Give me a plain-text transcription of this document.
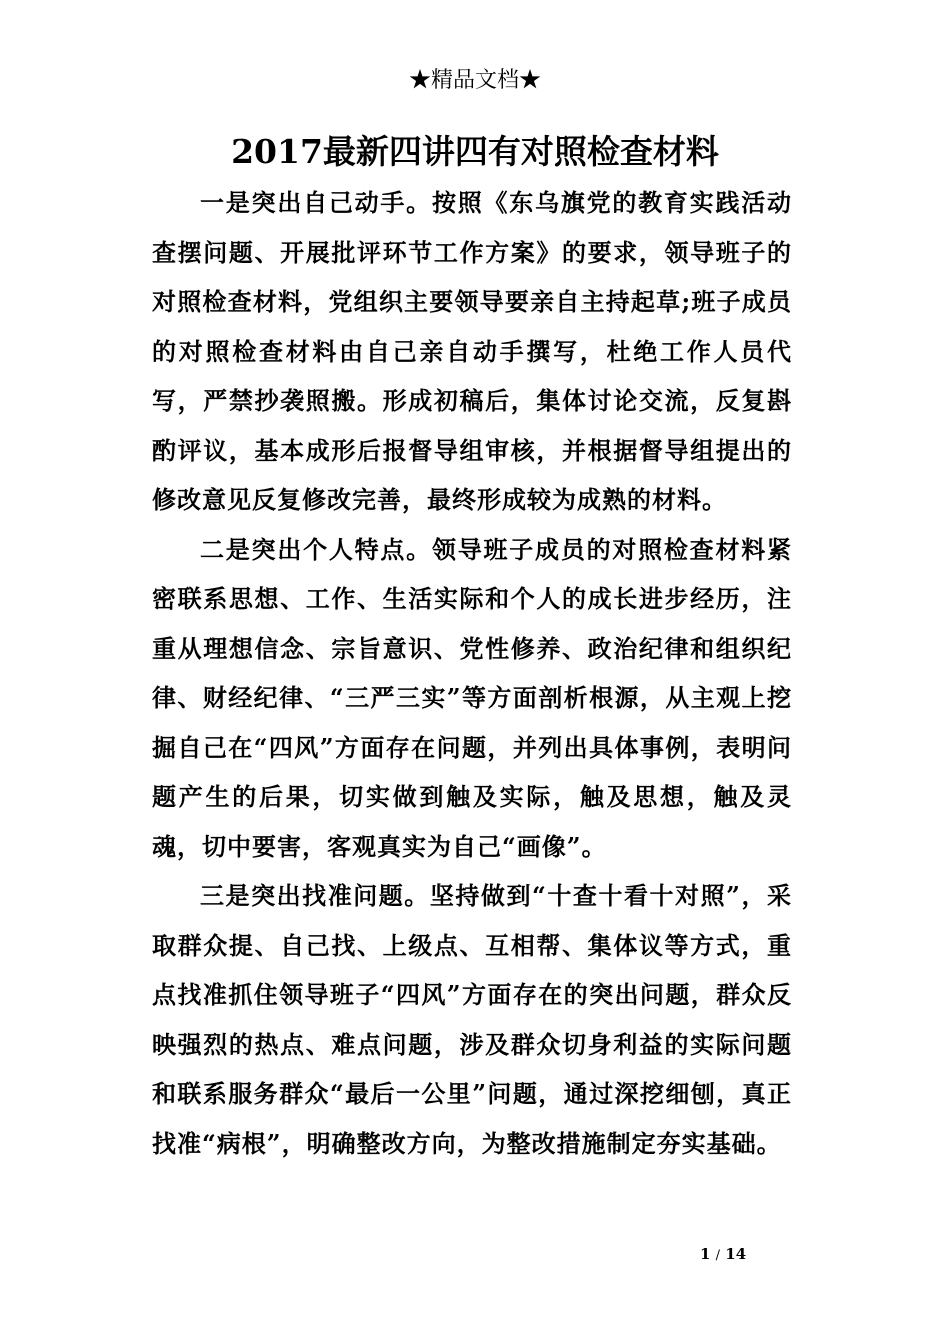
★精品文档★
2017最新四讲四有对照检查材料

一是突出自己动手。按照《东乌旗党的教育实践活动查摆问题、开展批评环节工作方案》的要求，领导班子的对照检查材料，党组织主要领导要亲自主持起草;班子成员的对照检查材料由自己亲自动手撰写，杜绝工作人员代写，严禁抄袭照搬。形成初稿后，集体讨论交流，反复斟酌评议，基本成形后报督导组审核，并根据督导组提出的修改意见反复修改完善，最终形成较为成熟的材料。

二是突出个人特点。领导班子成员的对照检查材料紧密联系思想、工作、生活实际和个人的成长进步经历，注重从理想信念、宗旨意识、党性修养、政治纪律和组织纪律、财经纪律、“三严三实”等方面剖析根源，从主观上挖掘自己在“四风”方面存在问题，并列出具体事例，表明问题产生的后果，切实做到触及实际，触及思想，触及灵魂，切中要害，客观真实为自己“画像”。

三是突出找准问题。坚持做到“十查十看十对照”，采取群众提、自己找、上级点、互相帮、集体议等方式，重点找准抓住领导班子“四风”方面存在的突出问题，群众反映强烈的热点、难点问题，涉及群众切身利益的实际问题和联系服务群众“最后一公里”问题，通过深挖细刨，真正找准“病根”，明确整改方向，为整改措施制定夯实基础。

1 / 14
